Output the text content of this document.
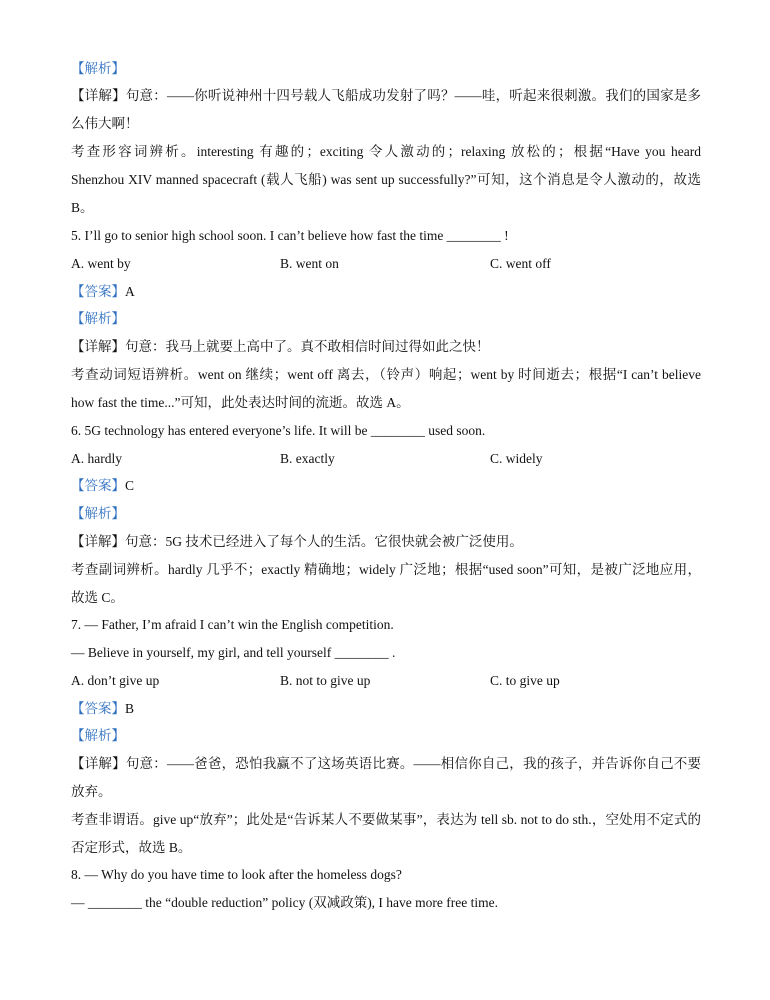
【解析】
【详解】句意：——你听说神州十四号载人飞船成功发射了吗？——哇，听起来很刺激。我们的国家是多
么伟大啊！
考查形容词辨析。interesting 有趣的；exciting 令人激动的；relaxing 放松的；根据“Have you heard
Shenzhou XIV manned spacecraft (载人飞船) was sent up successfully?”可知，这个消息是令人激动的，故选
B。
5. I’ll go to senior high school soon. I can’t believe how fast the time ________ !
A. went by	B. went on	C. went off
【答案】A
【解析】
【详解】句意：我马上就要上高中了。真不敢相信时间过得如此之快！
考查动词短语辨析。went on 继续；went off 离去，（铃声）响起；went by 时间逝去；根据“I can’t believe
how fast the time...”可知，此处表达时间的流逝。故选 A。
6. 5G technology has entered everyone’s life. It will be ________ used soon.
A. hardly	B. exactly	C. widely
【答案】C
【解析】
【详解】句意：5G 技术已经进入了每个人的生活。它很快就会被广泛使用。
考查副词辨析。hardly 几乎不；exactly 精确地；widely 广泛地；根据“used soon”可知，是被广泛地应用，
故选 C。
7. — Father, I’m afraid I can’t win the English competition.
— Believe in yourself, my girl, and tell yourself ________ .
A. don’t give up	B. not to give up	C. to give up
【答案】B
【解析】
【详解】句意：——爸爸，恐怕我赢不了这场英语比赛。——相信你自己，我的孩子，并告诉你自己不要
放弃。
考查非谓语。give up“放弃”；此处是“告诉某人不要做某事”，表达为 tell sb. not to do sth.，空处用不定式的
否定形式，故选 B。
8. — Why do you have time to look after the homeless dogs?
— ________ the “double reduction” policy (双减政策), I have more free time.
